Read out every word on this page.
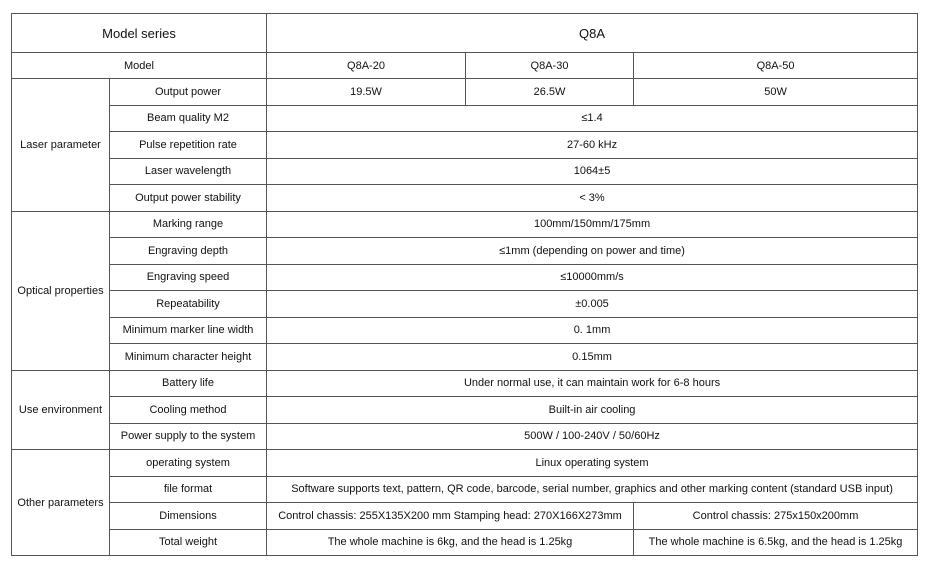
Model series		Q8A		
Model		Q8A-20	Q8A-30	Q8A-50
Laser parameter	Output power	19.5W	26.5W	50W
	Beam quality M2	≤1.4		
	Pulse repetition rate	27-60 kHz		
	Laser wavelength	1064±5		
	Output power stability	< 3%		
Optical properties	Marking range	100mm/150mm/175mm		
	Engraving depth	≤1mm (depending on power and time)		
	Engraving speed	≤10000mm/s		
	Repeatability	±0.005		
	Minimum marker line width	0. 1mm		
	Minimum character height	0.15mm		
Use environment	Battery life	Under normal use, it can maintain work for 6-8 hours		
	Cooling method	Built-in air cooling		
	Power supply to the system	500W / 100-240V / 50/60Hz		
Other parameters	operating system	Linux operating system		
	file format	Software supports text, pattern, QR code, barcode, serial number, graphics and other marking content (standard USB input)		
	Dimensions	Control chassis: 255X135X200 mm Stamping head: 270X166X273mm		Control chassis: 275x150x200mm
	Total weight	The whole machine is 6kg, and the head is 1.25kg		The whole machine is 6.5kg, and the head is 1.25kg
